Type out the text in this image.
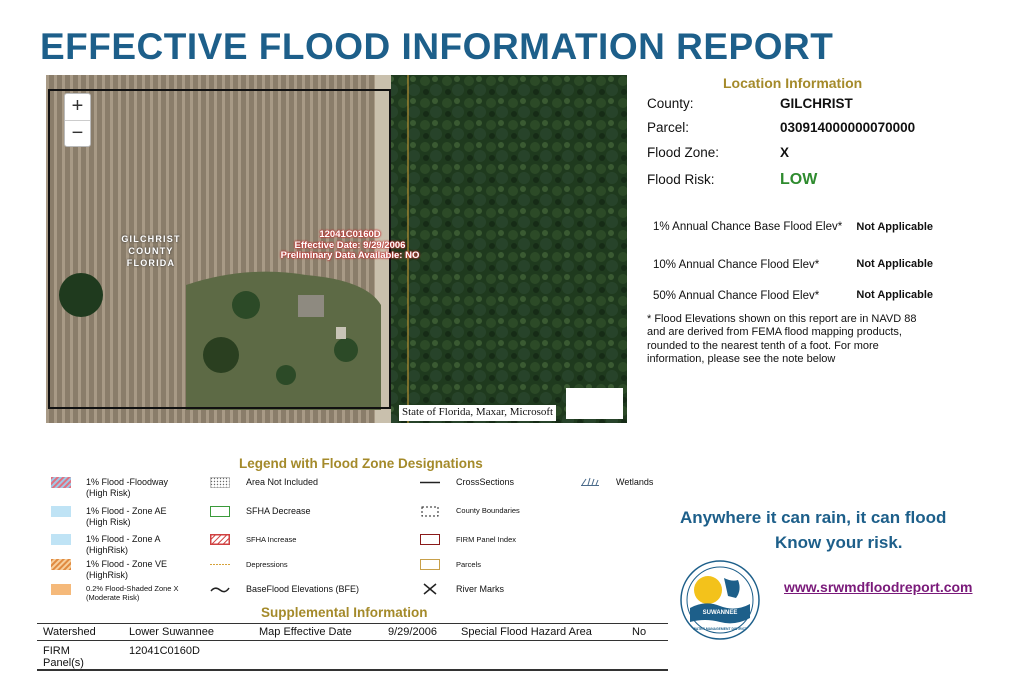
EFFECTIVE FLOOD INFORMATION REPORT
GILCHRIST
COUNTY
FLORIDA
12041C0160D
Effective Date: 9/29/2006
Preliminary Data Available: NO
+
−
State of Florida, Maxar, Microsoft
Location Information
County:	GILCHRIST
Parcel:	030914000000070000
Flood Zone:	X
Flood Risk:	LOW
1% Annual Chance Base Flood Elev*	Not Applicable
10% Annual Chance Flood Elev*	Not Applicable
50% Annual Chance Flood Elev*	Not Applicable
* Flood Elevations shown on this report are in NAVD 88 and are derived from FEMA flood mapping products, rounded to the nearest tenth of a foot. For more information, please see the note below
Legend with Flood Zone Designations
1% Flood -Floodway
(High Risk)
1% Flood - Zone AE
(High Risk)
1% Flood - Zone A
(HighRisk)
1% Flood - Zone VE
(HighRisk)
0.2% Flood-Shaded Zone X
(Moderate Risk)
Area Not Included
SFHA Decrease
SFHA Increase
Depressions
BaseFlood Elevations (BFE)
CrossSections
County Boundaries
FIRM Panel Index
Parcels
River Marks
Wetlands
Anywhere it can rain, it can flood
Know your risk.
SUWANNEE
RIVER
WATER MANAGEMENT DISTRICT
www.srwmdfloodreport.com
Supplemental Information
Watershed	Lower Suwannee	Map Effective Date	9/29/2006 Special Flood Hazard Area	No
FIRM
Panel(s)
12041C0160D
